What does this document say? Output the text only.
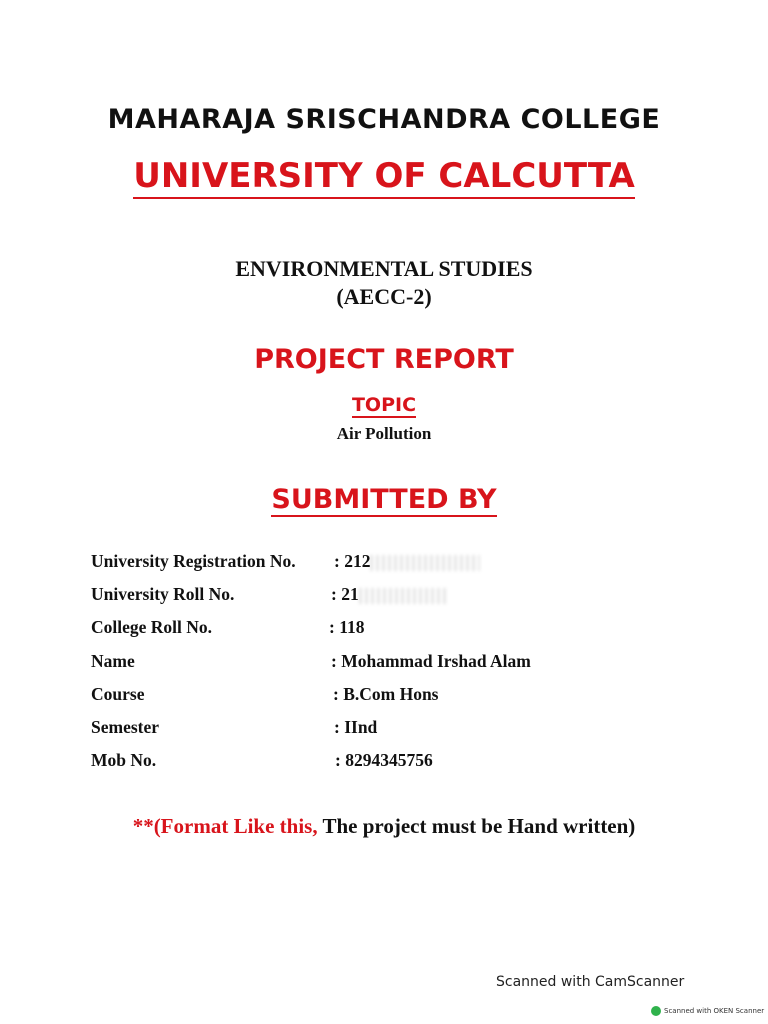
MAHARAJA SRISCHANDRA COLLEGE
UNIVERSITY OF CALCUTTA
ENVIRONMENTAL STUDIES
(AECC-2)
PROJECT REPORT
TOPIC
Air Pollution
SUBMITTED BY
University Registration No. : 212
University Roll No.	: 21
College Roll No.	: 118
Name	: Mohammad Irshad Alam
Course	: B.Com Hons
Semester	: IInd
Mob No.	: 8294345756
**(Format Like this, The project must be Hand written)
Scanned with CamScanner
Scanned with OKEN Scanner
